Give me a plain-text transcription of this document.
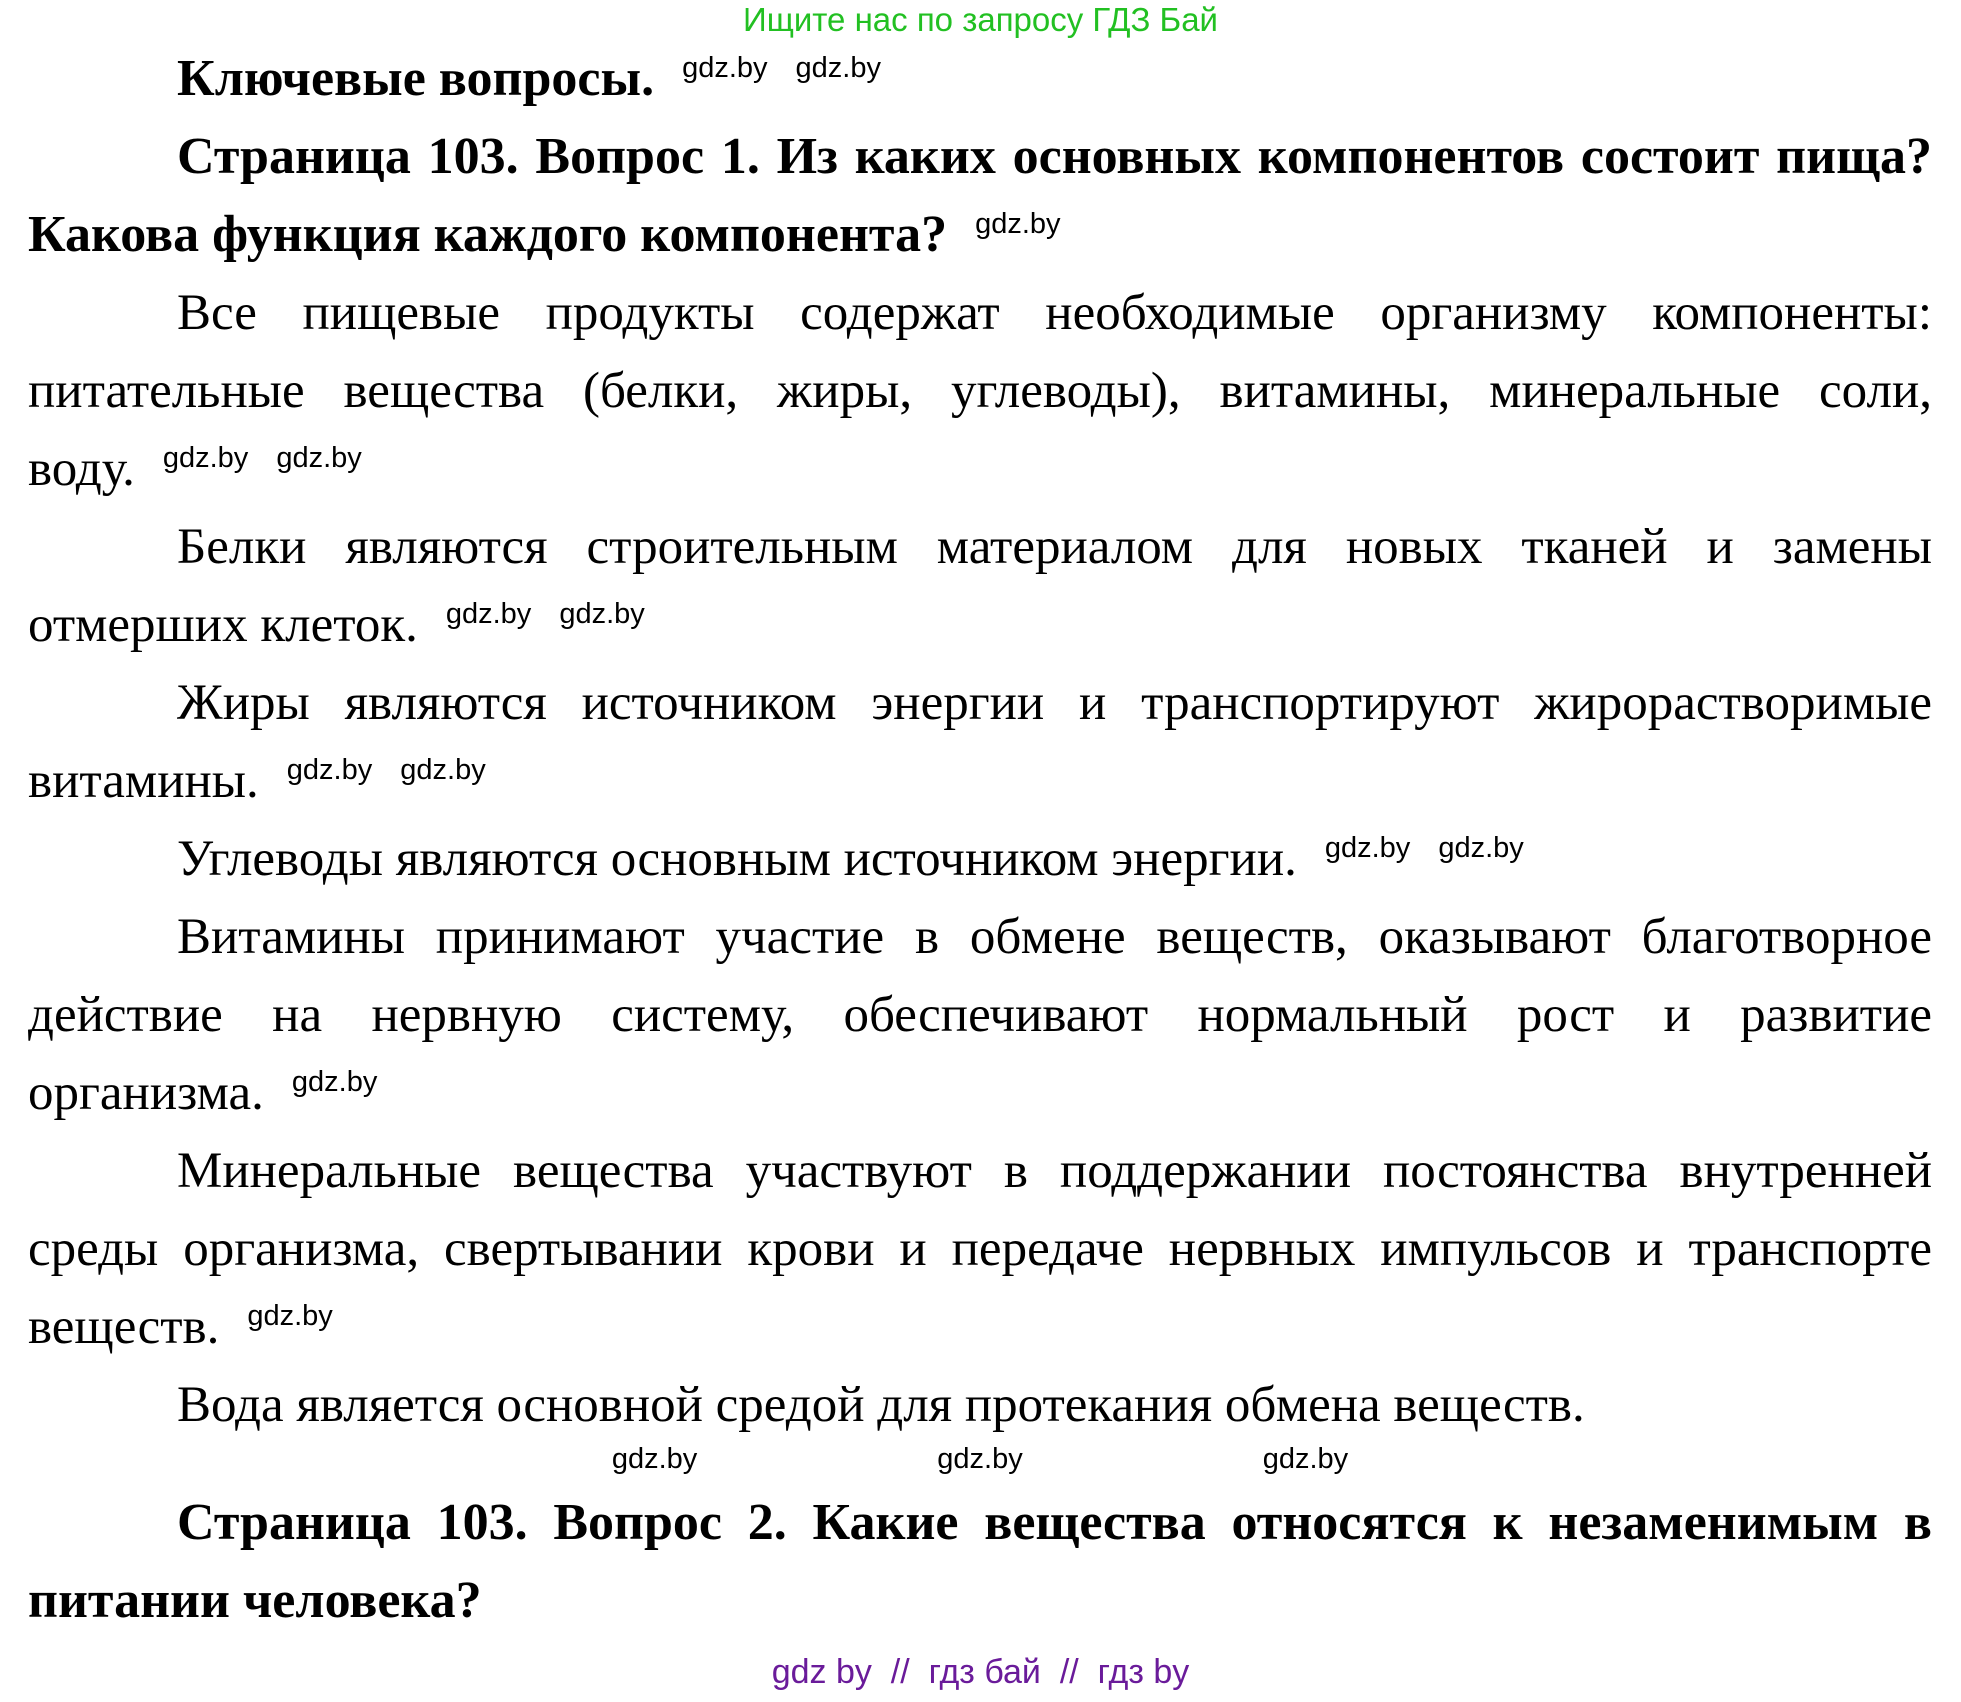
Ищите нас по запросу ГДЗ Бай

Ключевые вопросы. $^{gdz.by}$ $^{gdz.by}$

Страница 103. Вопрос 1. Из каких основных компонентов состоит пища? Какова функция каждого компонента? $^{gdz.by}$

Все пищевые продукты содержат необходимые организму компоненты: питательные вещества (белки, жиры, углеводы), витамины, минеральные соли, воду. $^{gdz.by}$ $^{gdz.by}$

Белки являются строительным материалом для новых тканей и замены отмерших клеток. $^{gdz.by}$ $^{gdz.by}$

Жиры являются источником энергии и транспортируют жирорастворимые витамины. $^{gdz.by}$ $^{gdz.by}$

Углеводы являются основным источником энергии. $^{gdz.by}$ $^{gdz.by}$

Витамины принимают участие в обмене веществ, оказывают благотворное действие на нервную систему, обеспечивают нормальный рост и развитие организма. $^{gdz.by}$

Минеральные вещества участвуют в поддержании постоянства внутренней среды организма, свертывании крови и передаче нервных импульсов и транспорте веществ. $^{gdz.by}$

Вода является основной средой для протекания обмена веществ.

gdz.by	gdz.by	gdz.by

Страница 103. Вопрос 2. Какие вещества относятся к незаменимым в питании человека?

gdz by  //  гдз бай  //  гдз by
